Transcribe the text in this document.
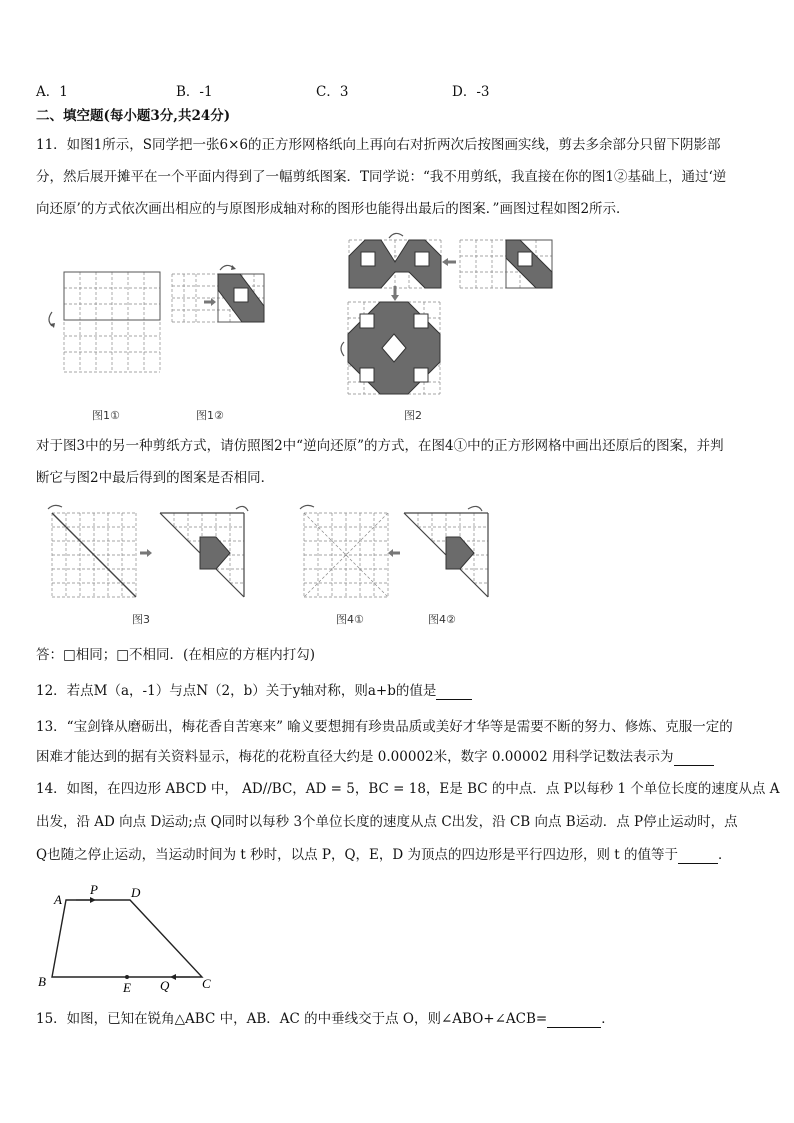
A．1	B．-1	C．3	D．-3
二、填空题(每小题3分,共24分)
11．如图1所示，S同学把一张6×6的正方形网格纸向上再向右对折两次后按图画实线，剪去多余部分只留下阴影部
分，然后展开摊平在一个平面内得到了一幅剪纸图案．T同学说：“我不用剪纸，我直接在你的图1②基础上，通过‘逆
向还原’的方式依次画出相应的与原图形成轴对称的图形也能得出最后的图案．”画图过程如图2所示．
图1①	图1②	图2
对于图3中的另一种剪纸方式，请仿照图2中“逆向还原”的方式，在图4①中的正方形网格中画出还原后的图案，并判
断它与图2中最后得到的图案是否相同．
图3	图4①	图4②
答：□相同；□不相同．(在相应的方框内打勾)
12．若点M（a，-1）与点N（2，b）关于y轴对称，则a+b的值是
13．“宝剑锋从磨砺出，梅花香自苦寒来” 喻义要想拥有珍贵品质或美好才华等是需要不断的努力、修炼、克服一定的
困难才能达到的据有关资料显示，梅花的花粉直径大约是 0.00002米，数字 0.00002 用科学记数法表示为
14．如图，在四边形 ABCD 中， AD//BC，AD = 5，BC = 18，E是 BC 的中点．点 P以每秒 1 个单位长度的速度从点 A
出发，沿 AD 向点 D运动;点 Q同时以每秒 3个单位长度的速度从点 C出发，沿 CB 向点 B运动．点 P停止运动时，点
Q也随之停止运动，当运动时间为 t 秒时，以点 P，Q，E，D 为顶点的四边形是平行四边形，则 t 的值等于	．
A
P	D
B	E Q	C
15．如图，已知在锐角△ABC 中，AB．AC 的中垂线交于点 O，则∠ABO+∠ACB=	．
